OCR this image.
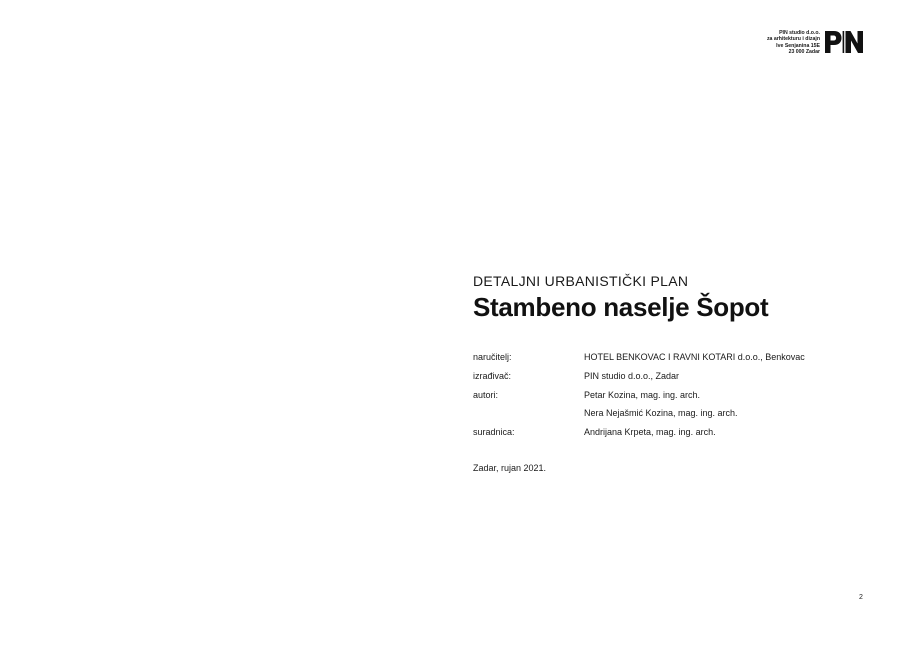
PIN studio d.o.o.
za arhitekturu i dizajn
Ive Senjanina 15E
23 000 Zadar
DETALJNI URBANISTIČKI PLAN
Stambeno naselje Šopot
naručitelj:	HOTEL BENKOVAC I RAVNI KOTARI d.o.o., Benkovac
izrađivač:	PIN studio d.o.o., Zadar
autori:	Petar Kozina, mag. ing. arch.
Nera Nejašmić Kozina, mag. ing. arch.
suradnica:	Andrijana Krpeta, mag. ing. arch.
Zadar, rujan 2021.
2
